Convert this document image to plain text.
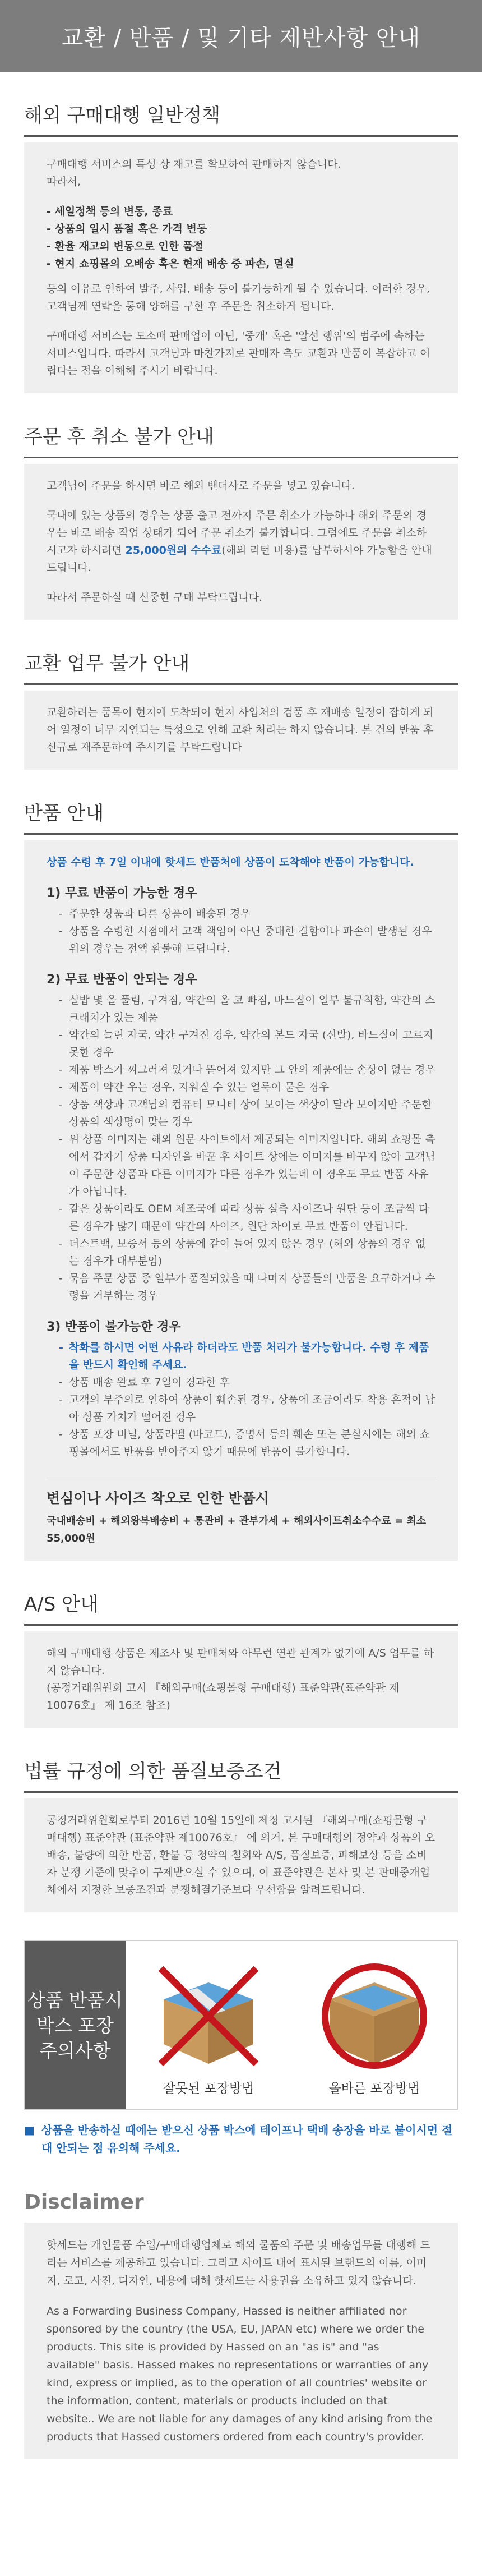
교환 / 반품 / 및 기타 제반사항 안내
해외 구매대행 일반정책

구매대행 서비스의 특성 상 재고를 확보하여 판매하지 않습니다.
따라서,

- 세일정책 등의 변동, 종료
- 상품의 일시 품절 혹은 가격 변동
- 환율 재고의 변동으로 인한 품절
- 현지 쇼핑몰의 오배송 혹은 현재 배송 중 파손, 멸실

등의 이유로 인하여 발주, 사입, 배송 등이 불가능하게 될 수 있습니다. 이러한 경우, 고객님께 연락을 통해 양해를 구한 후 주문을 취소하게 됩니다.

구매대행 서비스는 도소매 판매업이 아닌, '중개' 혹은 '알선 행위'의 범주에 속하는 서비스입니다. 따라서 고객님과 마찬가지로 판매자 측도 교환과 반품이 복잡하고 어렵다는 점을 이해해 주시기 바랍니다.

주문 후 취소 불가 안내

고객님이 주문을 하시면 바로 해외 밴더사로 주문을 넣고 있습니다.

국내에 있는 상품의 경우는 상품 출고 전까지 주문 취소가 가능하나 해외 주문의 경우는 바로 배송 작업 상태가 되어 주문 취소가 불가합니다. 그럼에도 주문을 취소하시고자 하시려면 25,000원의 수수료(해외 리턴 비용)를 납부하셔야 가능함을 안내 드립니다.

따라서 주문하실 때 신중한 구매 부탁드립니다.

교환 업무 불가 안내

교환하려는 품목이 현지에 도착되어 현지 사입처의 검품 후 재배송 일정이 잡히게 되어 일정이 너무 지연되는 특성으로 인해 교환 처리는 하지 않습니다. 본 건의 반품 후 신규로 재주문하여 주시기를 부탁드립니다

반품 안내

상품 수령 후 7일 이내에 핫세드 반품처에 상품이 도착해야 반품이 가능합니다.

1) 무료 반품이 가능한 경우
- 주문한 상품과 다른 상품이 배송된 경우
- 상품을 수령한 시점에서 고객 책임이 아닌 중대한 결함이나 파손이 발생된 경우 위의 경우는 전액 환불해 드립니다.
2) 무료 반품이 안되는 경우
- 실밥 몇 올 풀림, 구겨짐, 약간의 올 코 빠짐, 바느질이 일부 불규칙함, 약간의 스크래치가 있는 제품
- 약간의 늘린 자국, 약간 구겨진 경우, 약간의 본드 자국 (신발), 바느질이 고르지 못한 경우
- 제품 박스가 찌그러져 있거나 뜯어져 있지만 그 안의 제품에는 손상이 없는 경우
- 제품이 약간 우는 경우, 지워질 수 있는 얼룩이 묻은 경우
- 상품 색상과 고객님의 컴퓨터 모니터 상에 보이는 색상이 달라 보이지만 주문한 상품의 색상명이 맞는 경우
- 위 상품 이미지는 해외 원문 사이트에서 제공되는 이미지입니다. 해외 쇼핑몰 측에서 갑자기 상품 디자인을 바꾼 후 사이트 상에는 이미지를 바꾸지 않아 고객님이 주문한 상품과 다른 이미지가 다른 경우가 있는데 이 경우도 무료 반품 사유가 아닙니다.
- 같은 상품이라도 OEM 제조국에 따라 상품 실측 사이즈나 원단 등이 조금씩 다른 경우가 많기 때문에 약간의 사이즈, 원단 차이로 무료 반품이 안됩니다.
- 더스트백, 보증서 등의 상품에 같이 들어 있지 않은 경우 (해외 상품의 경우 없는 경우가 대부분임)
- 묶음 주문 상품 중 일부가 품절되었을 때 나머지 상품들의 반품을 요구하거나 수령을 거부하는 경우
3) 반품이 불가능한 경우
- 착화를 하시면 어떤 사유라 하더라도 반품 처리가 불가능합니다. 수령 후 제품을 반드시 확인해 주세요.
- 상품 배송 완료 후 7일이 경과한 후
- 고객의 부주의로 인하여 상품이 훼손된 경우, 상품에 조금이라도 착용 흔적이 남아 상품 가치가 떨어진 경우
- 상품 포장 비닐, 상품라벨 (바코드), 증명서 등의 훼손 또는 분실시에는 해외 쇼핑몰에서도 반품을 받아주지 않기 때문에 반품이 불가합니다.
변심이나 사이즈 착오로 인한 반품시
국내배송비 + 해외왕복배송비 + 통관비 + 관부가세 + 해외사이트취소수수료 = 최소 55,000원
A/S 안내

해외 구매대행 상품은 제조사 및 판매처와 아무런 연관 관계가 없기에 A/S 업무를 하지 않습니다.
(공정거래위원회 고시 『해외구매(쇼핑몰형 구매대행) 표준약관(표준약관 제 10076호』 제 16조 참조)

법률 규정에 의한 품질보증조건

공정거래위원회로부터 2016년 10월 15일에 제정 고시된 『해외구매(쇼핑몰형 구매대행) 표준약관 (표준약관 제10076호』 에 의거, 본 구매대행의 정약과 상품의 오배송, 불량에 의한 반품, 환불 등 청약의 철회와 A/S, 품질보증, 피해보상 등을 소비자 분쟁 기준에 맞추어 구제받으실 수 있으며, 이 표준약관은 본사 및 본 판매중개업체에서 지정한 보증조건과 분쟁해결기준보다 우선함을 알려드립니다.

상품 반품시 박스 포장 주의사항
잘못된 포장방법	올바른 포장방법
■ 상품을 반송하실 때에는 받으신 상품 박스에 테이프나 택배 송장을 바로 붙이시면 절대 안되는 점 유의해 주세요.
Disclaimer

핫세드는 개인물품 수입/구매대행업체로 해외 물품의 주문 및 배송업무를 대행해 드리는 서비스를 제공하고 있습니다. 그리고 사이트 내에 표시된 브랜드의 이름, 이미지, 로고, 사진, 디자인, 내용에 대해 핫세드는 사용권을 소유하고 있지 않습니다.

As a Forwarding Business Company, Hassed is neither affiliated nor sponsored by the country (the USA, EU, JAPAN etc) where we order the products. This site is provided by Hassed on an "as is" and "as available" basis. Hassed makes no representations or warranties of any kind, express or implied, as to the operation of all countries' website or the information, content, materials or products included on that website.. We are not liable for any damages of any kind arising from the products that Hassed customers ordered from each country's provider.
